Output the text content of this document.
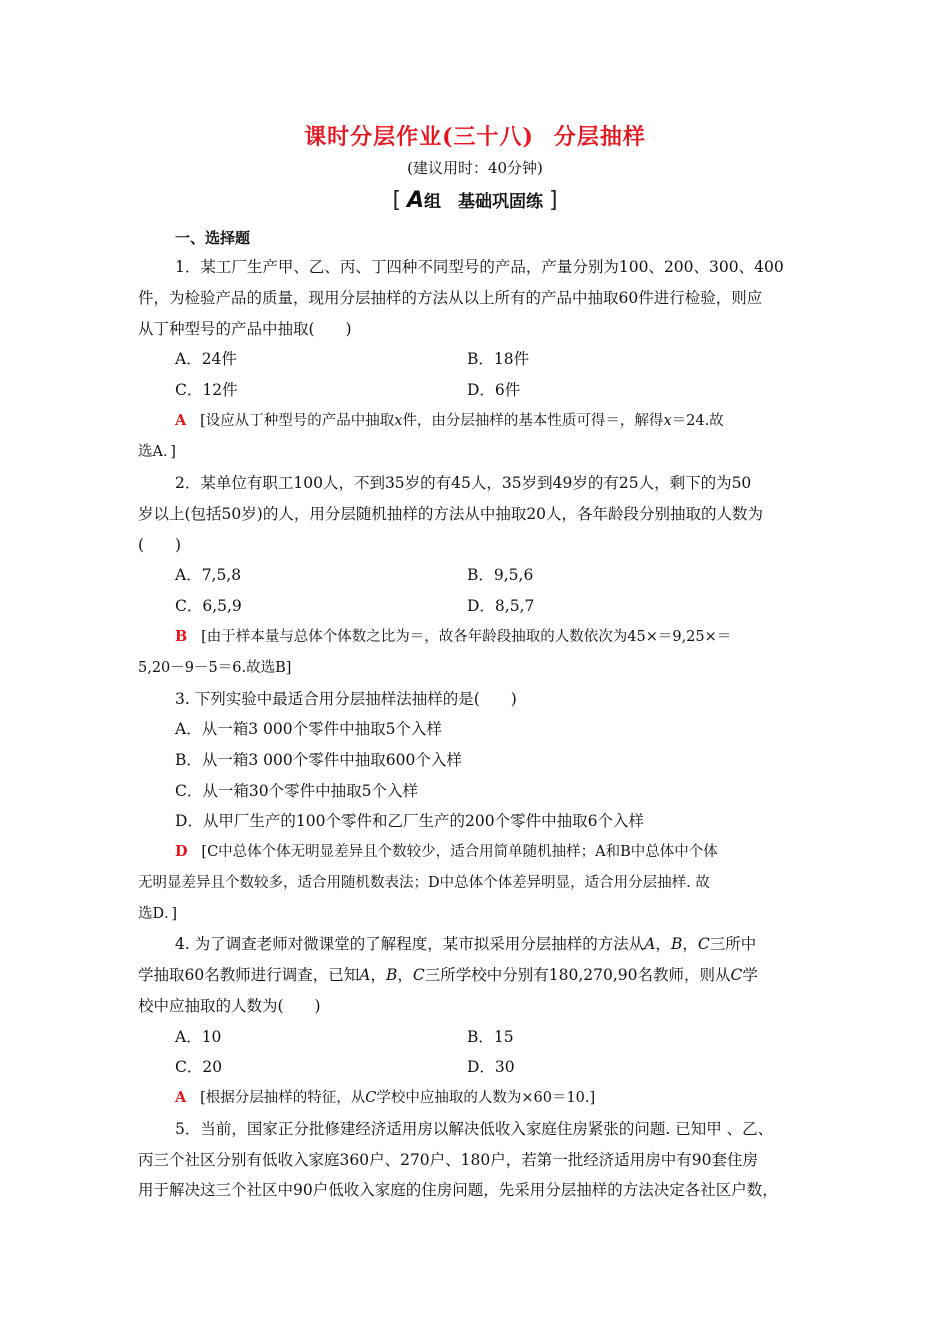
课时分层作业(三十八) 分层抽样
(建议用时：40分钟)
[ A组　基础巩固练 ]
一、选择题
1．某工厂生产甲、乙、丙、丁四种不同型号的产品，产量分别为100、200、300、400
件，为检验产品的质量，现用分层抽样的方法从以上所有的产品中抽取60件进行检验，则应
从丁种型号的产品中抽取(　　)
A．24件	B．18件
C．12件	D．6件
A [设应从丁种型号的产品中抽取x件，由分层抽样的基本性质可得＝，解得x＝24.故
选A．]
2．某单位有职工100人，不到35岁的有45人，35岁到49岁的有25人，剩下的为50
岁以上(包括50岁)的人，用分层随机抽样的方法从中抽取20人，各年龄段分别抽取的人数为
(　　)
A．7,5,8	B．9,5,6
C．6,5,9	D．8,5,7
B [由于样本量与总体个体数之比为＝，故各年龄段抽取的人数依次为45×＝9,25×＝
5,20－9－5＝6.故选B]
3. 下列实验中最适合用分层抽样法抽样的是(　　)
A．从一箱3 000个零件中抽取5个入样
B．从一箱3 000个零件中抽取600个入样
C．从一箱30个零件中抽取5个入样
D．从甲厂生产的100个零件和乙厂生产的200个零件中抽取6个入样
D [C中总体个体无明显差异且个数较少，适合用简单随机抽样；A和B中总体中个体
无明显差异且个数较多，适合用随机数表法；D中总体个体差异明显，适合用分层抽样. 故
选D．]
4. 为了调查老师对微课堂的了解程度，某市拟采用分层抽样的方法从A，B，C三所中
学抽取60名教师进行调查，已知A，B，C三所学校中分别有180,270,90名教师，则从C学
校中应抽取的人数为(　　)
A．10	B．15
C．20	D．30
A [根据分层抽样的特征，从C学校中应抽取的人数为×60＝10.]
5．当前，国家正分批修建经济适用房以解决低收入家庭住房紧张的问题. 已知甲 、乙、
丙三个社区分别有低收入家庭360户、270户、180户，若第一批经济适用房中有90套住房
用于解决这三个社区中90户低收入家庭的住房问题，先采用分层抽样的方法决定各社区户数，
